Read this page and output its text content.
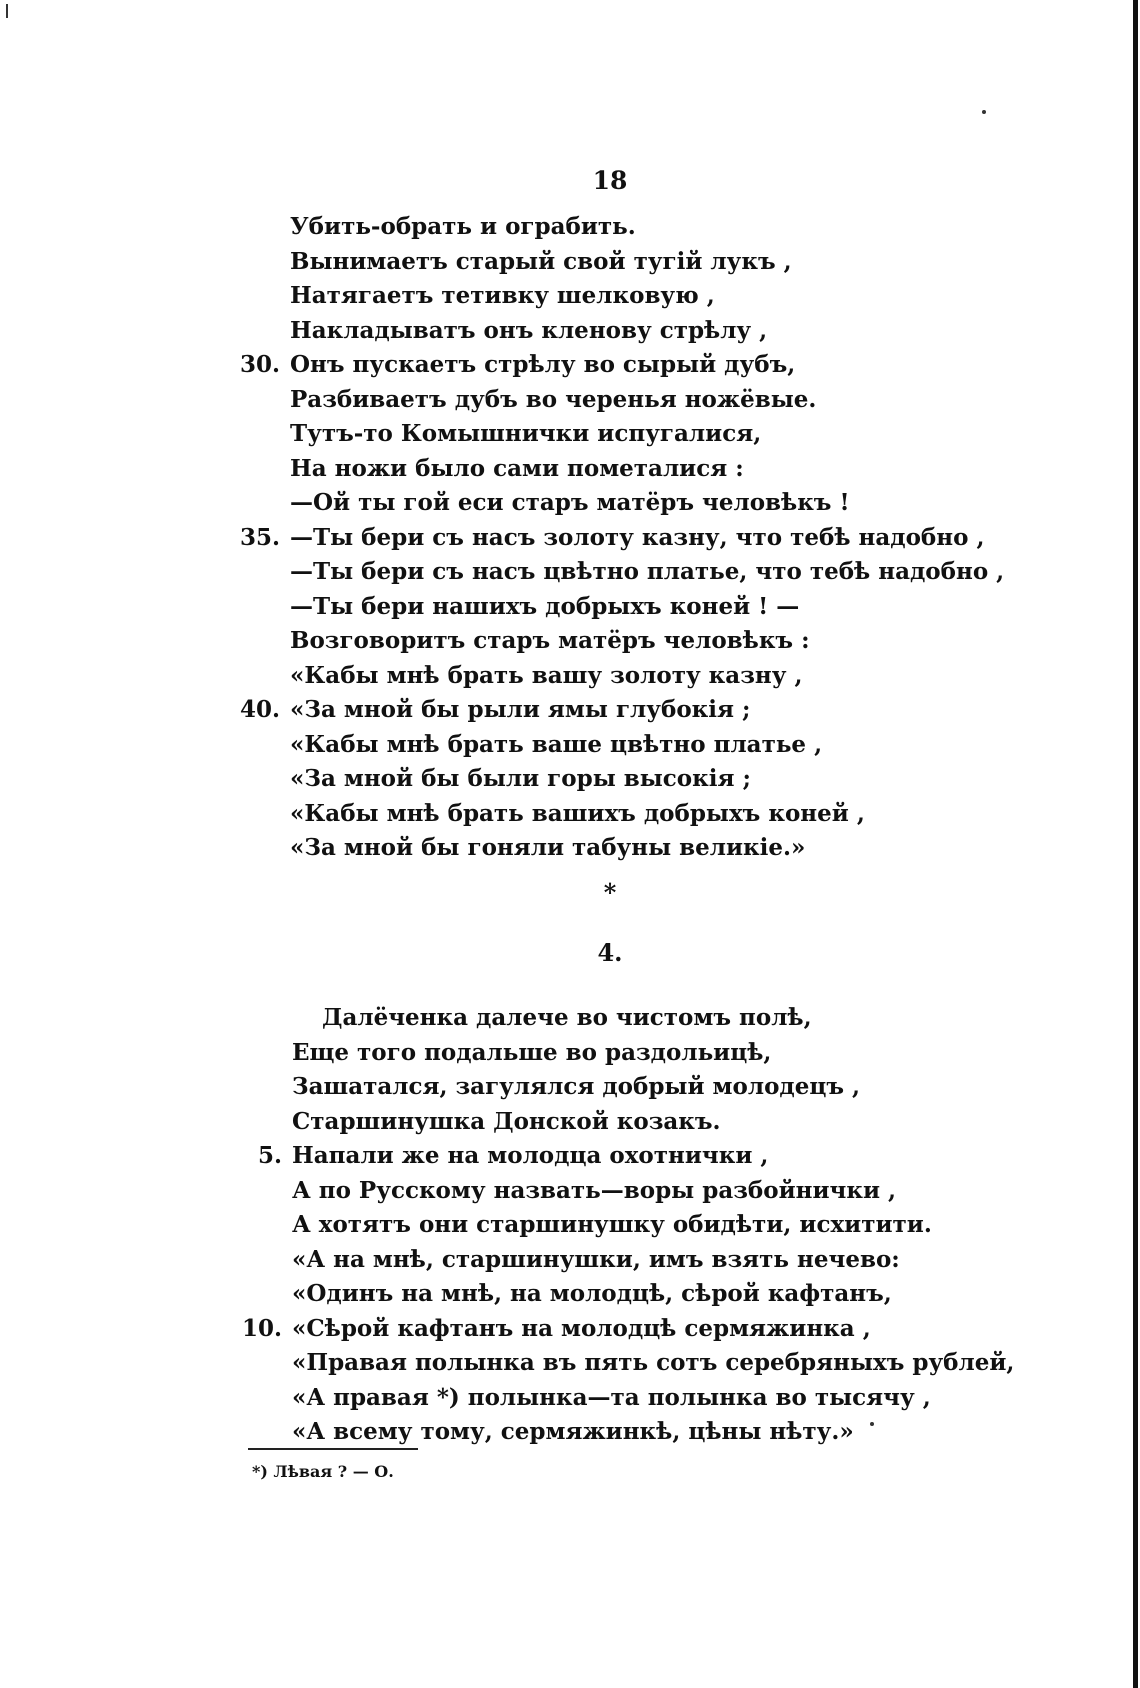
18
Убить-обрать и ограбить.
Вынимаетъ старый свой тугій лукъ ,
Натягаетъ тетивку шелковую ,
Накладыватъ онъ кленову стрѣлу ,
30. Онъ пускаетъ стрѣлу во сырый дубъ,
Разбиваетъ дубъ во черенья ножёвые.
Тутъ-то Комышнички испугалися,
На ножи было сами пометалися :
—Ой ты гой еси старъ матёръ человѣкъ !
35. —Ты бери съ насъ золоту казну, что тебѣ надобно ,
—Ты бери съ насъ цвѣтно платье, что тебѣ надобно ,
—Ты бери нашихъ добрыхъ коней ! —
Возговоритъ старъ матёръ человѣкъ :
«Кабы мнѣ брать вашу золоту казну ,
40. «За мной бы рыли ямы глубокія ;
«Кабы мнѣ брать ваше цвѣтно платье ,
«За мной бы были горы высокія ;
«Кабы мнѣ брать вашихъ добрыхъ коней ,
«За мной бы гоняли табуны великіе.»
*
4.
Далёченка далече во чистомъ полѣ,
Еще того подальше во раздольицѣ,
Зашатался, загулялся добрый молодецъ ,
Старшинушка Донской козакъ.
5. Напали же на молодца охотнички ,
А по Русскому назвать—воры разбойнички ,
А хотятъ они старшинушку обидѣти, исхитити.
«А на мнѣ, старшинушки, имъ взять нечево:
«Одинъ на мнѣ, на молодцѣ, сѣрой кафтанъ,
10. «Сѣрой кафтанъ на молодцѣ сермяжинка ,
«Правая полынка въ пять сотъ серебряныхъ рублей,
«А правая *) полынка—та полынка во тысячу ,
«А всему тому, сермяжинкѣ, цѣны нѣту.»
*) Лѣвая ? — О.
